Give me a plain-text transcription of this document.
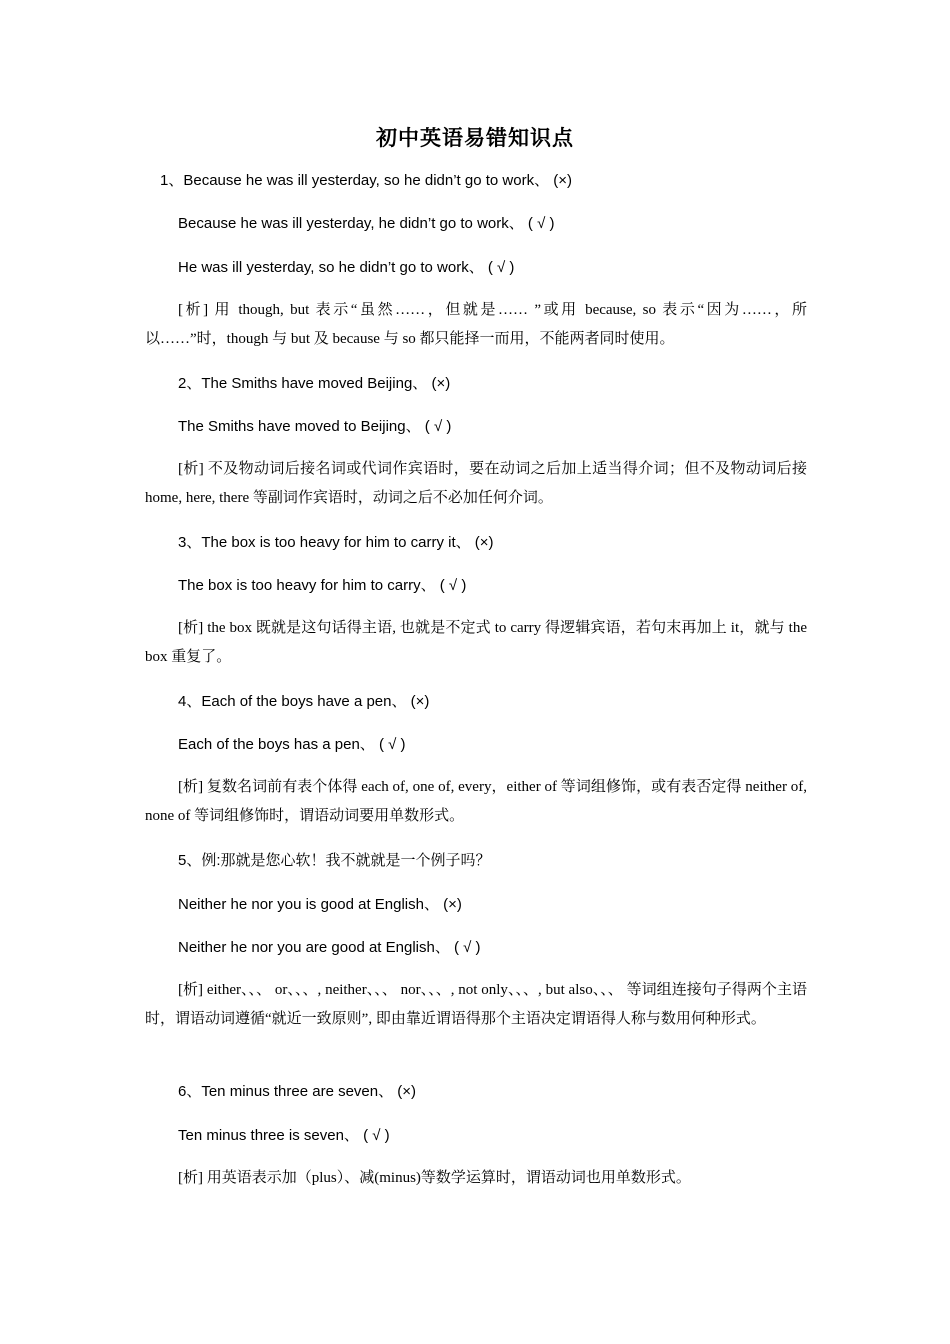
初中英语易错知识点
1、Because he was ill yesterday, so he didn’t go to work、 (×)
Because he was ill yesterday, he didn’t go to work、 ( √ )
He was ill yesterday, so he didn’t go to work、 ( √ )
[析] 用 though, but 表示“虽然……，但就是…… ”或用 because, so 表示“因为……，所以……”时，though 与 but 及 because 与 so 都只能择一而用，不能两者同时使用。
2、The Smiths have moved Beijing、 (×)
The Smiths have moved to Beijing、 ( √ )
[析] 不及物动词后接名词或代词作宾语时，要在动词之后加上适当得介词；但不及物动词后接 home, here, there 等副词作宾语时，动词之后不必加任何介词。
3、The box is too heavy for him to carry it、 (×)
The box is too heavy for him to carry、 ( √ )
[析] the box 既就是这句话得主语, 也就是不定式 to carry 得逻辑宾语，若句末再加上 it，就与 the box 重复了。
4、Each of the boys have a pen、 (×)
Each of the boys has a pen、 ( √ )
[析] 复数名词前有表个体得 each of, one of, every，either of 等词组修饰，或有表否定得 neither of, none of 等词组修饰时，谓语动词要用单数形式。
5、例:那就是您心软！我不就就是一个例子吗？
Neither he nor you is good at English、 (×)
Neither he nor you are good at English、 ( √ )
[析] either、、、 or、、、, neither、、、 nor、、、, not only、、、, but also、、、 等词组连接句子得两个主语时，谓语动词遵循“就近一致原则”, 即由靠近谓语得那个主语决定谓语得人称与数用何种形式。
6、Ten minus three are seven、 (×)
Ten minus three is seven、 ( √ )
[析] 用英语表示加（plus）、减(minus)等数学运算时，谓语动词也用单数形式。
